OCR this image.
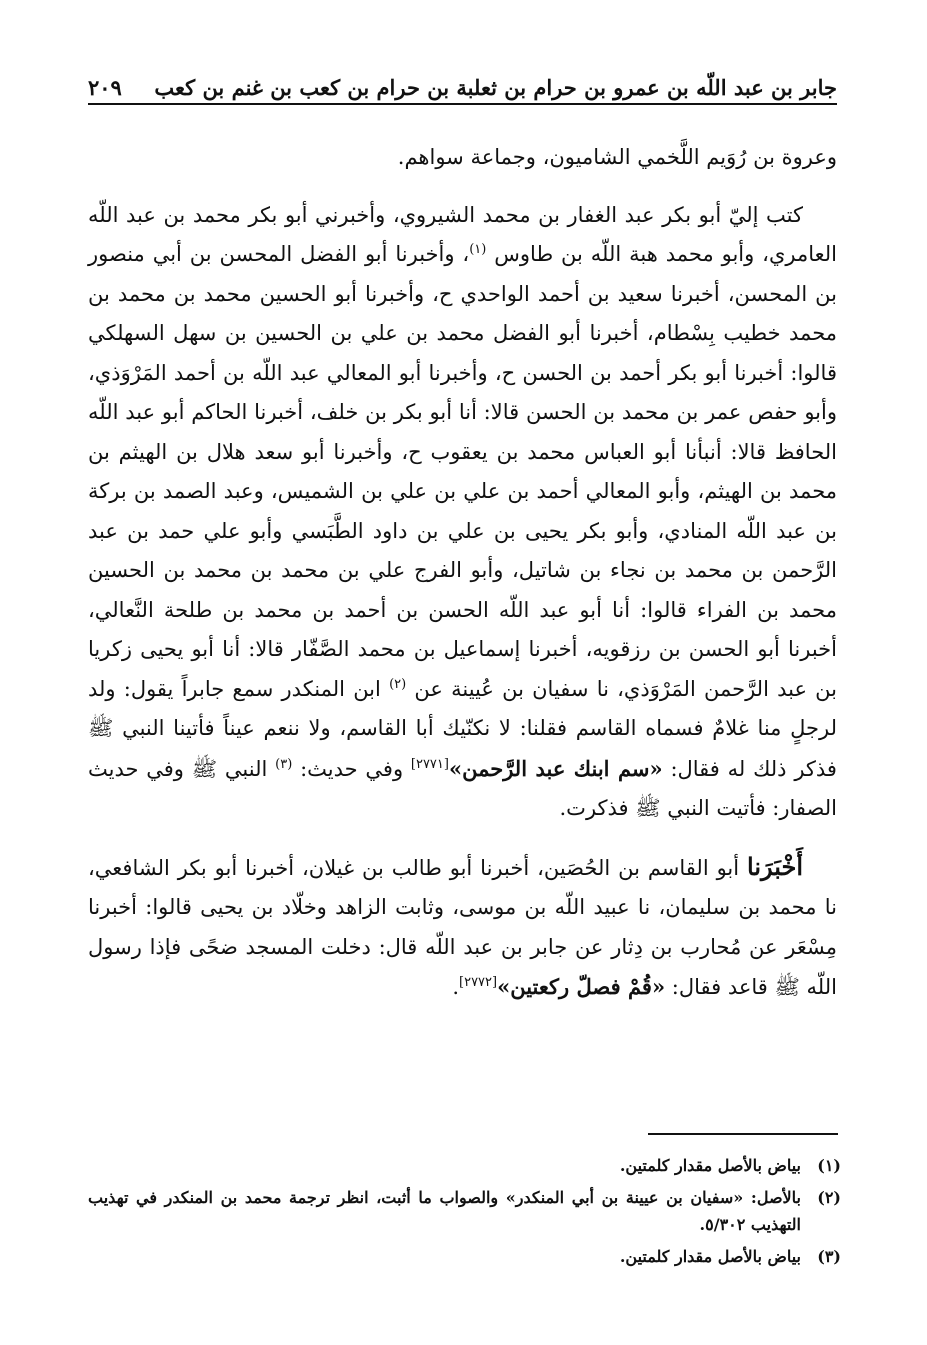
جابر بن عبد اللّه بن عمرو بن حرام بن ثعلبة بن حرام بن كعب بن غنم بن كعب
٢٠٩

وعروة بن رُوَيم اللَّخمي الشاميون، وجماعة سواهم.

كتب إليّ أبو بكر عبد الغفار بن محمد الشيروي، وأخبرني أبو بكر محمد بن عبد اللّه العامري، وأبو محمد هبة اللّه بن طاوس $^{(١)}$، وأخبرنا أبو الفضل المحسن بن أبي منصور بن المحسن، أخبرنا سعيد بن أحمد الواحدي ح، وأخبرنا أبو الحسين محمد بن محمد بن محمد خطيب بِسْطام، أخبرنا أبو الفضل محمد بن علي بن الحسين بن سهل السهلكي قالوا: أخبرنا أبو بكر أحمد بن الحسن ح، وأخبرنا أبو المعالي عبد اللّه بن أحمد المَرْوَذي، وأبو حفص عمر بن محمد بن الحسن قالا: أنا أبو بكر بن خلف، أخبرنا الحاكم أبو عبد اللّه الحافظ قالا: أنبأنا أبو العباس محمد بن يعقوب ح، وأخبرنا أبو سعد هلال بن الهيثم بن محمد بن الهيثم، وأبو المعالي أحمد بن علي بن علي بن الشميس، وعبد الصمد بن بركة بن عبد اللّه المنادي، وأبو بكر يحيى بن علي بن داود الطَّبَسي وأبو علي حمد بن عبد الرَّحمن بن محمد بن نجاء بن شاتيل، وأبو الفرج علي بن محمد بن محمد بن الحسين محمد بن الفراء قالوا: أنا أبو عبد اللّه الحسن بن أحمد بن محمد بن طلحة النَّعالي، أخبرنا أبو الحسن بن رزقويه، أخبرنا إسماعيل بن محمد الصَّفّار قالا: أنا أبو يحيى زكريا بن عبد الرَّحمن المَرْوَذي، نا سفيان بن عُيينة عن $^{(٢)}$ ابن المنكدر سمع جابراً يقول: ولد لرجلٍ منا غلامٌ فسماه القاسم فقلنا: لا نكنّيك أبا القاسم، ولا ننعم عيناً فأتينا النبي ﷺ فذكر ذلك له فقال: «سم ابنك عبد الرَّحمن»[٢٧٧١] وفي حديث: $^{(٣)}$ النبي ﷺ وفي حديث الصفار: فأتيت النبي ﷺ فذكرت.

أَخْبَرَنا أبو القاسم بن الحُصَين، أخبرنا أبو طالب بن غيلان، أخبرنا أبو بكر الشافعي، نا محمد بن سليمان، نا عبيد اللّه بن موسى، وثابت الزاهد وخلّاد بن يحيى قالوا: أخبرنا مِسْعَر عن مُحارب بن دِثار عن جابر بن عبد اللّه قال: دخلت المسجد ضحًى فإذا رسول اللّه ﷺ قاعد فقال: «قُمْ فصلّ ركعتين»[٢٧٧٢].

(١)
بياض بالأصل مقدار كلمتين.
(٢)
بالأصل: «سفيان بن عيينة بن أبي المنكدر» والصواب ما أثبت، انظر ترجمة محمد بن المنكدر في تهذيب التهذيب ٥/٣٠٢.
(٣)
بياض بالأصل مقدار كلمتين.
